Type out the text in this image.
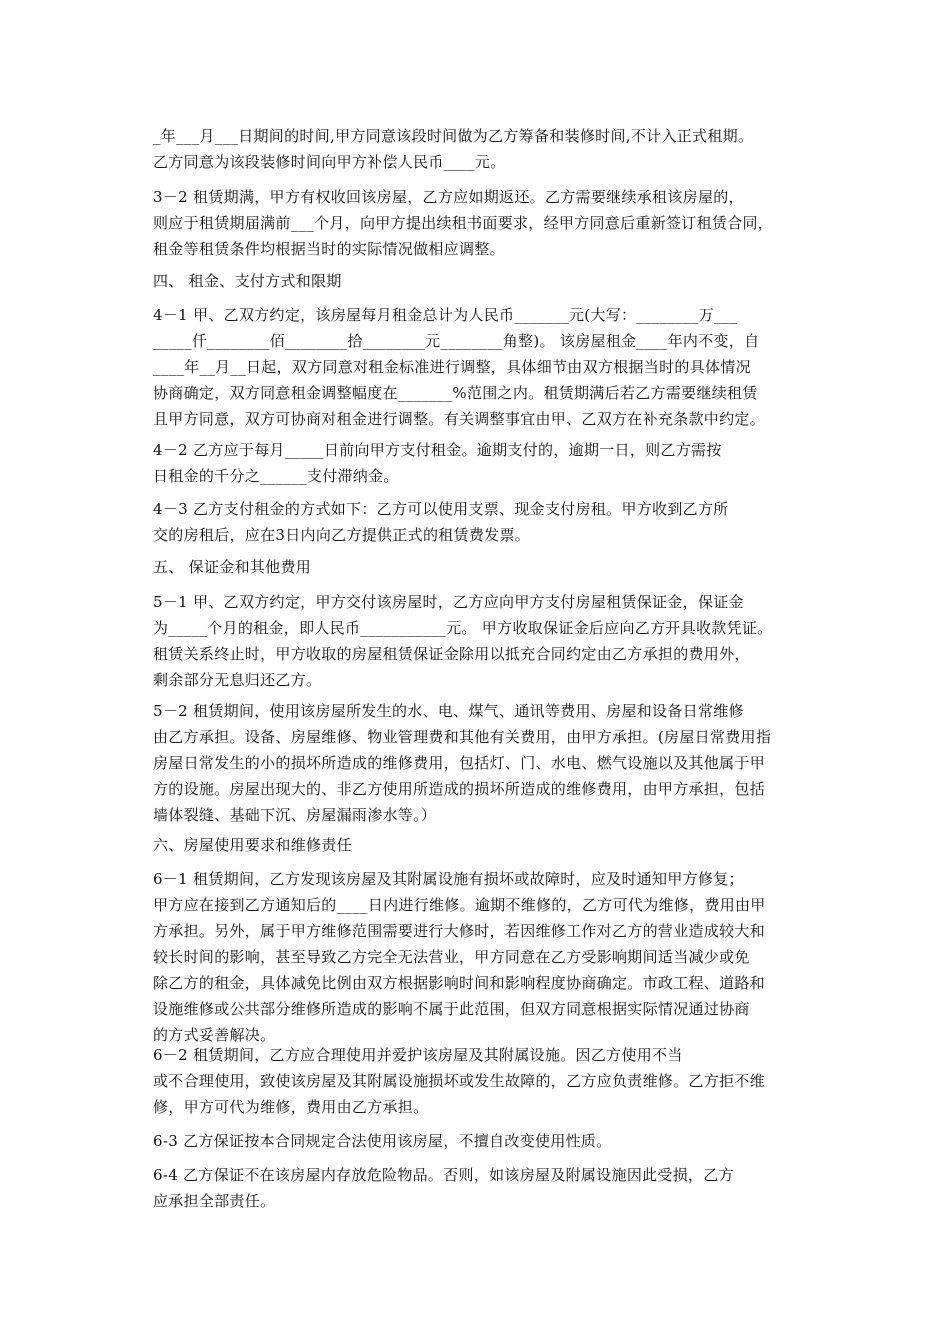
_年___月___日期间的时间,甲方同意该段时间做为乙方筹备和装修时间,不计入正式租期。
乙方同意为该段装修时间向甲方补偿人民币____元。
3－2 租赁期满，甲方有权收回该房屋，乙方应如期返还。乙方需要继续承租该房屋的，
则应于租赁期届满前___个月，向甲方提出续租书面要求，经甲方同意后重新签订租赁合同，
租金等租赁条件均根据当时的实际情况做相应调整。
四、 租金、支付方式和限期
4－1 甲、乙双方约定，该房屋每月租金总计为人民币_______元(大写：________万___
_____仟________佰________拾________元________角整)。 该房屋租金____年内不变，自
____年__月__日起，双方同意对租金标准进行调整，具体细节由双方根据当时的具体情况
协商确定，双方同意租金调整幅度在_______%范围之内。租赁期满后若乙方需要继续租赁
且甲方同意，双方可协商对租金进行调整。有关调整事宜由甲、乙双方在补充条款中约定。
4－2 乙方应于每月_____日前向甲方支付租金。逾期支付的，逾期一日，则乙方需按
日租金的千分之______支付滞纳金。
4－3 乙方支付租金的方式如下：乙方可以使用支票、现金支付房租。甲方收到乙方所
交的房租后，应在3日内向乙方提供正式的租赁费发票。
五、 保证金和其他费用
5－1 甲、乙双方约定，甲方交付该房屋时，乙方应向甲方支付房屋租赁保证金，保证金
为_____个月的租金，即人民币___________元。 甲方收取保证金后应向乙方开具收款凭证。
租赁关系终止时，甲方收取的房屋租赁保证金除用以抵充合同约定由乙方承担的费用外，
剩余部分无息归还乙方。
5－2 租赁期间，使用该房屋所发生的水、电、煤气、通讯等费用、房屋和设备日常维修
由乙方承担。设备、房屋维修、物业管理费和其他有关费用，由甲方承担。(房屋日常费用指
房屋日常发生的小的损坏所造成的维修费用，包括灯、门、水电、燃气设施以及其他属于甲
方的设施。房屋出现大的、非乙方使用所造成的损坏所造成的维修费用，由甲方承担，包括
墙体裂缝、基础下沉、房屋漏雨渗水等。）
六、房屋使用要求和维修责任
6－1 租赁期间，乙方发现该房屋及其附属设施有损坏或故障时，应及时通知甲方修复；
甲方应在接到乙方通知后的____日内进行维修。逾期不维修的，乙方可代为维修，费用由甲
方承担。另外，属于甲方维修范围需要进行大修时，若因维修工作对乙方的营业造成较大和
较长时间的影响，甚至导致乙方完全无法营业，甲方同意在乙方受影响期间适当减少或免
除乙方的租金，具体减免比例由双方根据影响时间和影响程度协商确定。市政工程、道路和
设施维修或公共部分维修所造成的影响不属于此范围，但双方同意根据实际情况通过协商
的方式妥善解决。
6－2 租赁期间，乙方应合理使用并爱护该房屋及其附属设施。因乙方使用不当
或不合理使用，致使该房屋及其附属设施损坏或发生故障的，乙方应负责维修。乙方拒不维
修，甲方可代为维修，费用由乙方承担。
6-3 乙方保证按本合同规定合法使用该房屋，不擅自改变使用性质。
6-4 乙方保证不在该房屋内存放危险物品。否则，如该房屋及附属设施因此受损，乙方
应承担全部责任。
